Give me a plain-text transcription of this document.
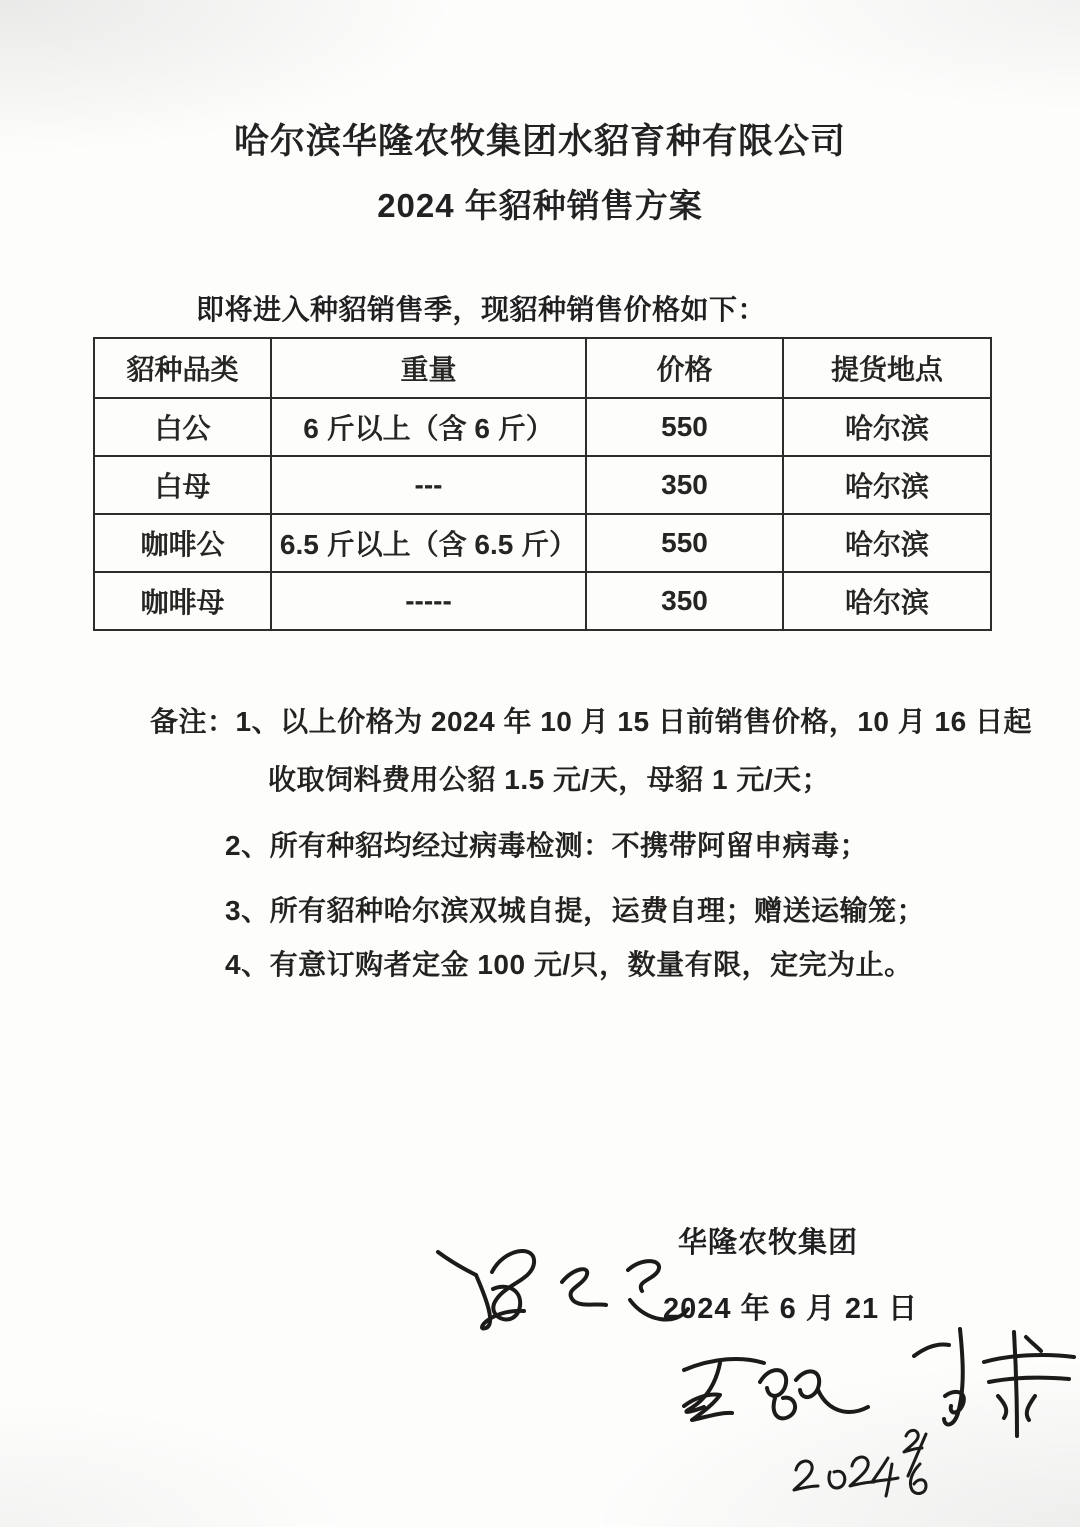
哈尔滨华隆农牧集团水貂育种有限公司
2024 年貂种销售方案
即将进入种貂销售季，现貂种销售价格如下：
貂种品类	重量	价格	提货地点
白公	6 斤以上（含 6 斤）	550	哈尔滨
白母	---	350	哈尔滨
咖啡公	6.5 斤以上（含 6.5 斤）	550	哈尔滨
咖啡母	-----	350	哈尔滨
备注：1、以上价格为 2024 年 10 月 15 日前销售价格，10 月 16 日起
收取饲料费用公貂 1.5 元/天，母貂 1 元/天；
2、所有种貂均经过病毒检测：不携带阿留申病毒；
3、所有貂种哈尔滨双城自提，运费自理；赠送运输笼；
4、有意订购者定金 100 元/只，数量有限，定完为止。
华隆农牧集团
2024 年 6 月 21 日
